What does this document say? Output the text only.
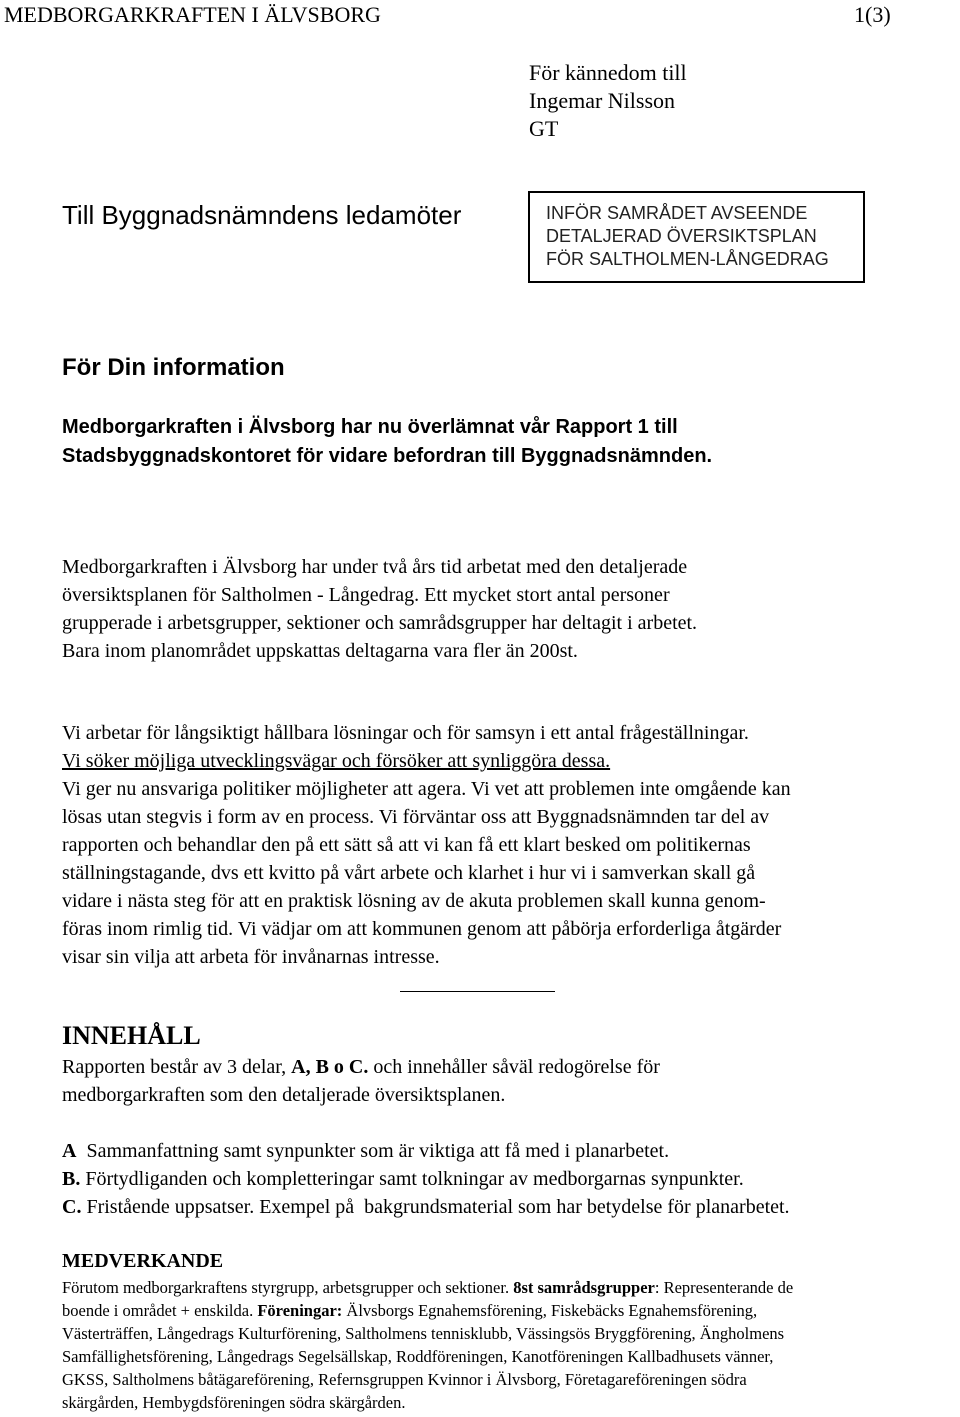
MEDBORGARKRAFTEN I ÄLVSBORG	1(3)
För kännedom till
Ingemar Nilsson
GT
Till Byggnadsnämndens ledamöter	INFÖR SAMRÅDET AVSEENDE
DETALJERAD ÖVERSIKTSPLAN
FÖR SALTHOLMEN-LÅNGEDRAG
För Din information
Medborgarkraften i Älvsborg har nu överlämnat vår Rapport 1 till
Stadsbyggnadskontoret för vidare befordran till Byggnadsnämnden.
Medborgarkraften i Älvsborg har under två års tid arbetat med den detaljerade
översiktsplanen för Saltholmen - Långedrag. Ett mycket stort antal personer
grupperade i arbetsgrupper, sektioner och samrådsgrupper har deltagit i arbetet.
Bara inom planområdet uppskattas deltagarna vara fler än 200st.
Vi arbetar för långsiktigt hållbara lösningar och för samsyn i ett antal frågeställningar.
Vi söker möjliga utvecklingsvägar och försöker att synliggöra dessa.
Vi ger nu ansvariga politiker möjligheter att agera. Vi vet att problemen inte omgående kan
lösas utan stegvis i form av en process. Vi förväntar oss att Byggnadsnämnden tar del av
rapporten och behandlar den på ett sätt så att vi kan få ett klart besked om politikernas
ställningstagande, dvs ett kvitto på vårt arbete och klarhet i hur vi i samverkan skall gå
vidare i nästa steg för att en praktisk lösning av de akuta problemen skall kunna genom-
föras inom rimlig tid. Vi vädjar om att kommunen genom att påbörja erforderliga åtgärder
visar sin vilja att arbeta för invånarnas intresse.
INNEHÅLL
Rapporten består av 3 delar, A, B o C. och innehåller såväl redogörelse för
medborgarkraften som den detaljerade översiktsplanen.
A  Sammanfattning samt synpunkter som är viktiga att få med i planarbetet.
B. Förtydliganden och kompletteringar samt tolkningar av medborgarnas synpunkter.
C. Fristående uppsatser. Exempel på  bakgrundsmaterial som har betydelse för planarbetet.
MEDVERKANDE
Förutom medborgarkraftens styrgrupp, arbetsgrupper och sektioner. 8st samrådsgrupper: Representerande de
boende i området + enskilda. Föreningar: Älvsborgs Egnahemsförening, Fiskebäcks Egnahemsförening,
Västerträffen, Långedrags Kulturförening, Saltholmens tennisklubb, Vässingsös Bryggförening, Ängholmens
Samfällighetsförening, Långedrags Segelsällskap, Roddföreningen, Kanotföreningen Kallbadhusets vänner,
GKSS, Saltholmens båtägareförening, Refernsgruppen Kvinnor i Älvsborg, Företagareföreningen södra
skärgården, Hembygdsföreningen södra skärgården.
